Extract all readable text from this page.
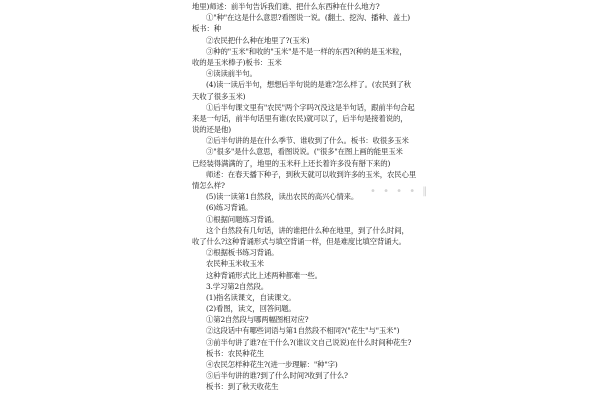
地里)师述：前半句告诉我们谁、把什么东西种在什么地方?
①"种"在这是什么意思?看图说一说。(翻土、挖沟、播种、盖土)
板书：种
②农民把什么种在地里了?(玉米)
③种的"玉米"和收的"玉米"是不是一样的东西?(种的是玉米粒，
收的是玉米棒子)板书：玉米
④读读前半句。
(4)读一读后半句，想想后半句说的是谁?怎么样了。(农民到了秋
天收了很多玉米)
①后半句课文里有"农民"两个字吗?(没这是半句话，跟前半句合起
来是一句话，前半句话里有谁(农民)就可以了，后半句是接着说的，
说的还是他)
②后半句讲的是在什么季节、谁收到了什么。板书：收很多玉米
③"很多"是什么意思，看图说说。("很多"在图上画的能里玉米
已经装得满满的了，地里的玉米秆上还长着许多没有掰下来的)
师述：在春天播下种子，到秋天就可以收到许多的玉米，农民心里
情怎么样?
(5)读一读第1自然段，读出农民的高兴心情来。
(6)练习背诵。
①根据问题练习背诵。
这个自然段有几句话，讲的谁把什么种在地里，到了什么时间，
收了什么?这种背诵形式与填空背诵一样，但是难度比填空背诵大。
②根据板书练习背诵。
农民种玉米收玉米
这种背诵形式比上述两种都难一些。
3.学习第2自然段。
(1)指名读课文，自读课文。
(2)看图，读文，回答问题。
①第2自然段与哪两幅图相对应?
②这段话中有哪些词语与第1自然段不相同?("花生"与"玉米")
③前半句讲了谁?在干什么?(谁议文自己说说)在什么时间种花生?
板书：农民种花生
④农民怎样种花生?(进一步理解："种"字)
⑤后半句讲的谁?到了什么时间?收到了什么?
板书：到了秋天收花生
• • • • ‖
